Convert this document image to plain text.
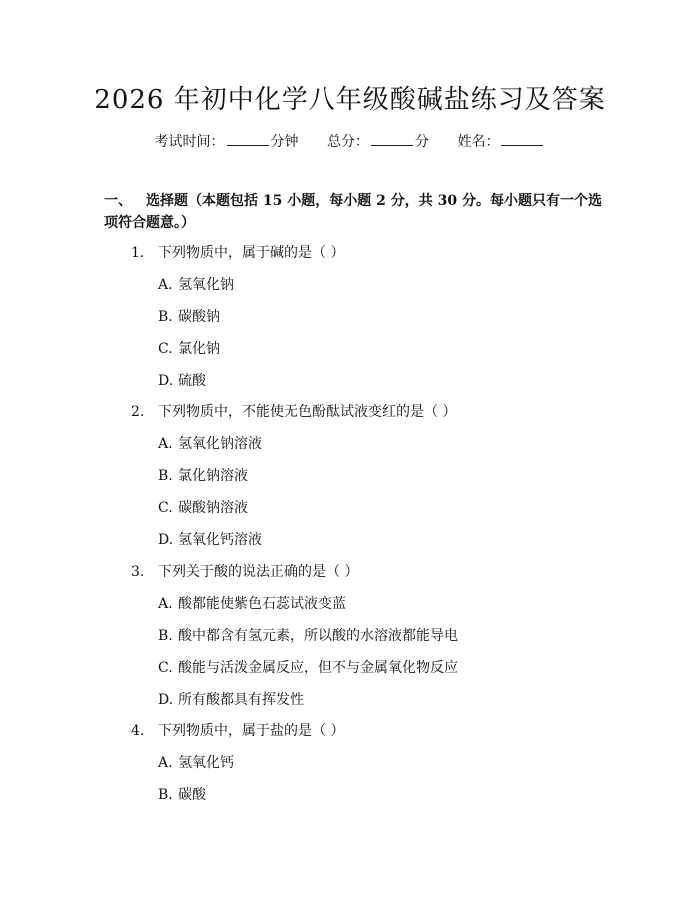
2026 年初中化学八年级酸碱盐练习及答案
考试时间：	分钟 总分：	分 姓名：
一、 选择题（本题包括 15 小题，每小题 2 分，共 30 分。每小题只有一个选项符合题意。）
1. 下列物质中，属于碱的是（ ）
A. 氢氧化钠
B. 碳酸钠
C. 氯化钠
D. 硫酸
2. 下列物质中，不能使无色酚酞试液变红的是（ ）
A. 氢氧化钠溶液
B. 氯化钠溶液
C. 碳酸钠溶液
D. 氢氧化钙溶液
3. 下列关于酸的说法正确的是（ ）
A. 酸都能使紫色石蕊试液变蓝
B. 酸中都含有氢元素，所以酸的水溶液都能导电
C. 酸能与活泼金属反应，但不与金属氧化物反应
D. 所有酸都具有挥发性
4. 下列物质中，属于盐的是（ ）
A. 氢氧化钙
B. 碳酸
